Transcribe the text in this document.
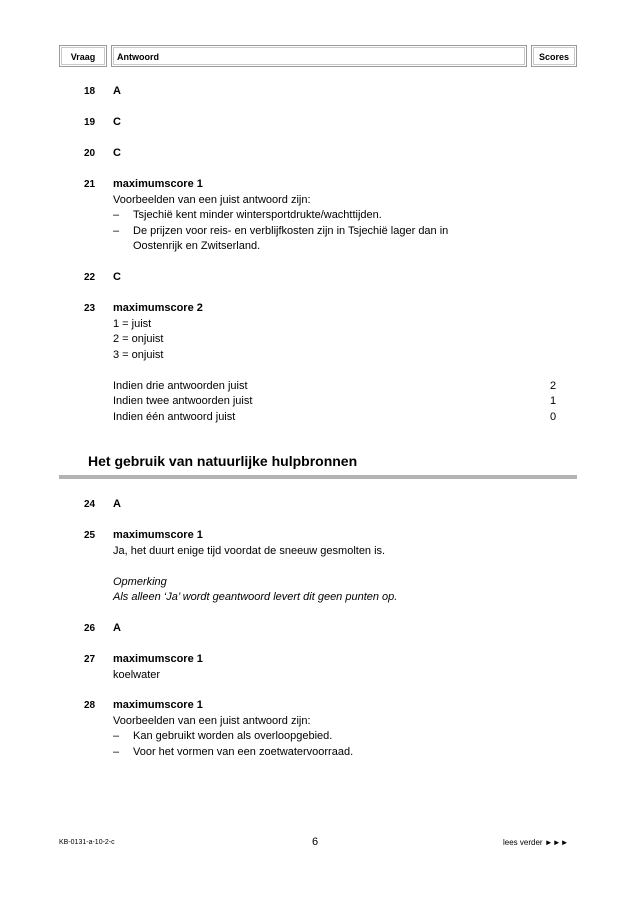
Vraag	Antwoord	Scores
18	A
19	C
20	C
21	maximumscore 1
Voorbeelden van een juist antwoord zijn:
– Tsjechië kent minder wintersportdrukte/wachttijden.
– De prijzen voor reis- en verblijfkosten zijn in Tsjechië lager dan in
Oostenrijk en Zwitserland.
22	C
23	maximumscore 2
1 = juist
2 = onjuist
3 = onjuist
Indien drie antwoorden juist	2
Indien twee antwoorden juist	1
Indien één antwoord juist	0
Het gebruik van natuurlijke hulpbronnen
24	A
25	maximumscore 1
Ja, het duurt enige tijd voordat de sneeuw gesmolten is.
Opmerking
Als alleen ‘Ja’ wordt geantwoord levert dit geen punten op.
26	A
27	maximumscore 1
koelwater
28	maximumscore 1
Voorbeelden van een juist antwoord zijn:
– Kan gebruikt worden als overloopgebied.
– Voor het vormen van een zoetwatervoorraad.
KB-0131-a-10-2-c	6	lees verder ►►►
